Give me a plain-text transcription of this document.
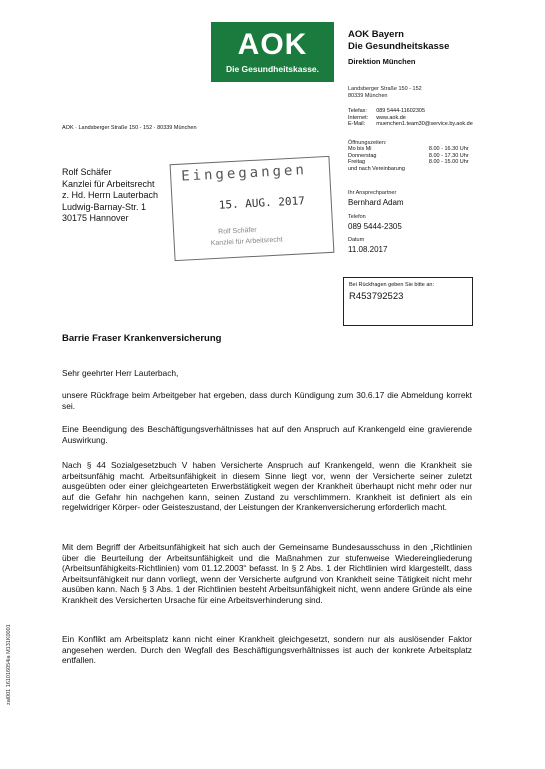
AOK
Die Gesundheitskasse.
AOK Bayern
Die Gesundheitskasse
Direktion München
Landsberger Straße 150 - 152
80339 München
Telefax:	089 5444-11602305
Internet:	www.aok.de
E-Mail:	muenchen1.team30@service.by.aok.de
AOK · Landsberger Straße 150 - 152 · 80339 München
Öffnungszeiten:
Mo bis Mi	8.00 - 16.30 Uhr
Donnerstag	8.00 - 17.30 Uhr
Freitag	8.00 - 15.00 Uhr
und nach Vereinbarung	
Rolf Schäfer
Kanzlei für Arbeitsrecht
z. Hd. Herrn Lauterbach
Ludwig-Barnay-Str. 1
30175 Hannover
Eingegangen
15. AUG. 2017
Rolf Schäfer
Kanzlei für Arbeitsrecht
Ihr Ansprechpartner
Bernhard Adam
Telefon
089 5444-2305
Datum
11.08.2017
Bei Rückfragen geben Sie bitte an:
R453792523
Barrie Fraser Krankenversicherung
Sehr geehrter Herr Lauterbach,
unsere Rückfrage beim Arbeitgeber hat ergeben, dass durch Kündigung zum 30.6.17 die Abmeldung korrekt sei.
Eine Beendigung des Beschäftigungsverhältnisses hat auf den Anspruch auf Krankengeld eine gravierende Auswirkung.
Nach § 44 Sozialgesetzbuch V haben Versicherte Anspruch auf Krankengeld, wenn die Krankheit sie arbeitsunfähig macht. Arbeitsunfähigkeit in diesem Sinne liegt vor, wenn der Versicherte seiner zuletzt ausgeübten oder einer gleichgearteten Erwerbstätigkeit wegen der Krankheit überhaupt nicht mehr oder nur auf die Gefahr hin nachgehen kann, seinen Zustand zu verschlimmern. Krankheit ist definiert als ein regelwidriger Körper- oder Geisteszustand, der Leistungen der Krankenversicherung erforderlich macht.
Mit dem Begriff der Arbeitsunfähigkeit hat sich auch der Gemeinsame Bundesausschuss in den „Richtlinien über die Beurteilung der Arbeitsunfähigkeit und die Maßnahmen zur stufenweise Wiedereingliederung (Arbeitsunfähigkeits-Richtlinien) vom 01.12.2003“ befasst. In § 2 Abs. 1 der Richtlinien wird klargestellt, dass Arbeitsunfähigkeit nur dann vorliegt, wenn der Versicherte aufgrund von Krankheit seine Tätigkeit nicht mehr ausüben kann. Nach § 3 Abs. 1 der Richtlinien besteht Arbeitsunfähigkeit nicht, wenn andere Gründe als eine Krankheit des Versicherten Ursache für eine Arbeitsverhinderung sind.
Ein Konflikt am Arbeitsplatz kann nicht einer Krankheit gleichgesetzt, sondern nur als auslösender Faktor angesehen werden. Durch den Wegfall des Beschäftigungsverhältnisses ist auch der konkrete Arbeitsplatz entfallen.
zal001 161016054ia M131K0001
